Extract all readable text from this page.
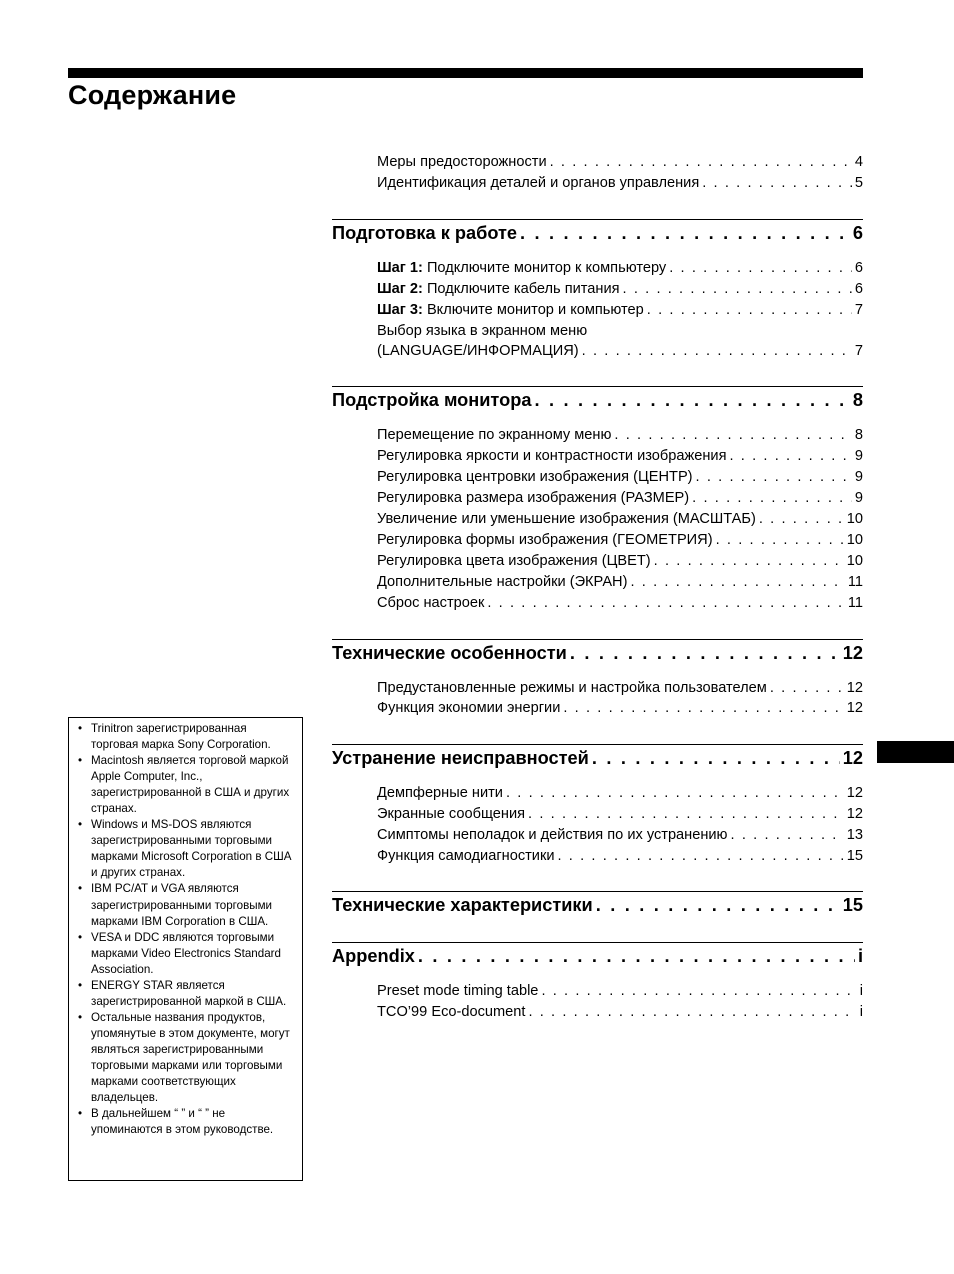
Содержание
Меры предосторожности . . .	4
Идентификация деталей и органов управления . . .	5
Подготовка к работе . . .	6
Шаг 1: Подключите монитор к компьютеру . . .	6
Шаг 2: Подключите кабель питания . . .	6
Шаг 3: Включите монитор и компьютер . . .	7
Выбор языка в экранном меню
(LANGUAGE/ИНФОРМАЦИЯ) . . .	7
Подстройка монитора . . .	8
Перемещение по экранному меню . . .	8
Регулировка яркости и контрастности изображения . . .	9
Регулировка центровки изображения (ЦЕНТР) . . .	9
Регулировка размера изображения (РАЗМЕР) . . .	9
Увеличение или уменьшение изображения (МАСШТАБ) . . .	10
Регулировка формы изображения (ГЕОМЕТРИЯ) . . .	10
Регулировка цвета изображения (ЦВЕТ) . . .	10
Дополнительные настройки (ЭКРАН) . . .	11
Сброс настроек . . .	11
Технические особенности . . .	12
Предустановленные режимы и настройка пользователем . . .	12
Функция экономии энергии . . .	12
Устранение неисправностей . . .	12
Демпферные нити . . .	12
Экранные сообщения . . .	12
Симптомы неполадок и действия по их устранению . . .	13
Функция самодиагностики . . .	15
Технические характеристики . . .	15
Appendix . . .	i
Preset mode timing table . . .	i
TCO’99 Eco-document . . .	i
• Trinitron зарегистрированная торговая марка Sony Corporation.
• Macintosh является торговой маркой Apple Computer, Inc., зарегистрированной в США и других странах.
• Windows и MS-DOS являются зарегистрированными торговыми марками Microsoft Corporation в США и других странах.
• IBM PC/AT и VGA являются зарегистрированными торговыми марками IBM Corporation в США.
• VESA и DDC являются торговыми марками Video Electronics Standard Association.
• ENERGY STAR является зарегистрированной маркой в США.
• Остальные названия продуктов, упомянутые в этом документе, могут являться зарегистрированными торговыми марками или торговыми марками соответствующих владельцев.
• В дальнейшем “ ” и “ ” не упоминаются в этом руководстве.
